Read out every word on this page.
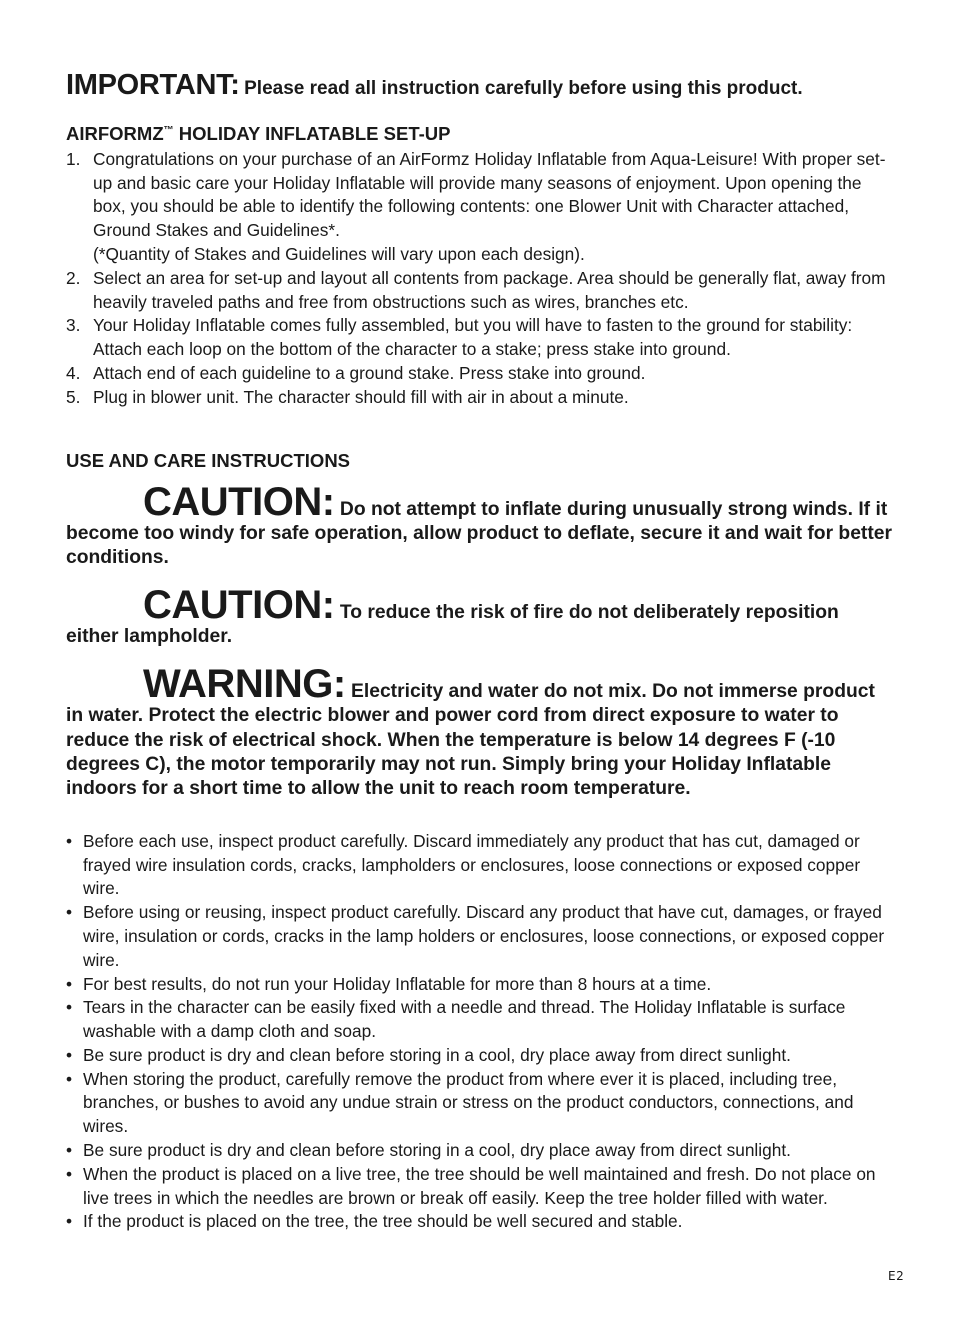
IMPORTANT: Please read all instruction carefully before using this product.

AIRFORMZ™ HOLIDAY INFLATABLE SET-UP

1. Congratulations on your purchase of an AirFormz Holiday Inflatable from Aqua-Leisure! With proper set-up and basic care your Holiday Inflatable will provide many seasons of enjoyment. Upon opening the box, you should be able to identify the following contents: one Blower Unit with Character attached, Ground Stakes and Guidelines*.
(*Quantity of Stakes and Guidelines will vary upon each design).
2. Select an area for set-up and layout all contents from package. Area should be generally flat, away from heavily traveled paths and free from obstructions such as wires, branches etc.
3. Your Holiday Inflatable comes fully assembled, but you will have to fasten to the ground for stability: Attach each loop on the bottom of the character to a stake; press stake into ground.
4. Attach end of each guideline to a ground stake. Press stake into ground.
5. Plug in blower unit. The character should fill with air in about a minute.

USE AND CARE INSTRUCTIONS

CAUTION: Do not attempt to inflate during unusually strong winds. If it become too windy for safe operation, allow product to deflate, secure it and wait for better conditions.

CAUTION: To reduce the risk of fire do not deliberately reposition either lampholder.

WARNING: Electricity and water do not mix. Do not immerse product in water. Protect the electric blower and power cord from direct exposure to water to reduce the risk of electrical shock. When the temperature is below 14 degrees F (-10 degrees C), the motor temporarily may not run. Simply bring your Holiday Inflatable indoors for a short time to allow the unit to reach room temperature.

• Before each use, inspect product carefully. Discard immediately any product that has cut, damaged or frayed wire insulation cords, cracks, lampholders or enclosures, loose connections or exposed copper wire.
• Before using or reusing, inspect product carefully. Discard any product that have cut, damages, or frayed wire, insulation or cords, cracks in the lamp holders or enclosures, loose connections, or exposed copper wire.
• For best results, do not run your Holiday Inflatable for more than 8 hours at a time.
• Tears in the character can be easily fixed with a needle and thread. The Holiday Inflatable is surface washable with a damp cloth and soap.
• Be sure product is dry and clean before storing in a cool, dry place away from direct sunlight.
• When storing the product, carefully remove the product from where ever it is placed, including tree, branches, or bushes to avoid any undue strain or stress on the product conductors, connections, and wires.
• Be sure product is dry and clean before storing in a cool, dry place away from direct sunlight.
• When the product is placed on a live tree, the tree should be well maintained and fresh. Do not place on live trees in which the needles are brown or break off easily. Keep the tree holder filled with water.
• If the product is placed on the tree, the tree should be well secured and stable.
E2
